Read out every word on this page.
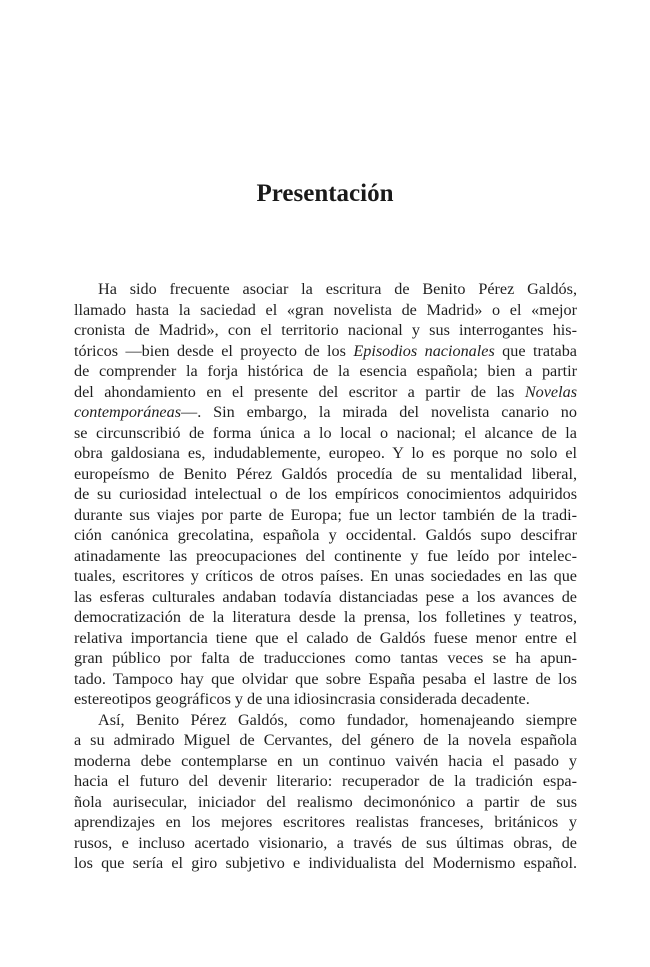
Presentación
Ha sido frecuente asociar la escritura de Benito Pérez Galdós,
llamado hasta la saciedad el «gran novelista de Madrid» o el «mejor
cronista de Madrid», con el territorio nacional y sus interrogantes his-
tóricos —bien desde el proyecto de los Episodios nacionales que trataba
de comprender la forja histórica de la esencia española; bien a partir
del ahondamiento en el presente del escritor a partir de las Novelas
contemporáneas—. Sin embargo, la mirada del novelista canario no
se circunscribió de forma única a lo local o nacional; el alcance de la
obra galdosiana es, indudablemente, europeo. Y lo es porque no solo el
europeísmo de Benito Pérez Galdós procedía de su mentalidad liberal,
de su curiosidad intelectual o de los empíricos conocimientos adquiridos
durante sus viajes por parte de Europa; fue un lector también de la tradi-
ción canónica grecolatina, española y occidental. Galdós supo descifrar
atinadamente las preocupaciones del continente y fue leído por intelec-
tuales, escritores y críticos de otros países. En unas sociedades en las que
las esferas culturales andaban todavía distanciadas pese a los avances de
democratización de la literatura desde la prensa, los folletines y teatros,
relativa importancia tiene que el calado de Galdós fuese menor entre el
gran público por falta de traducciones como tantas veces se ha apun-
tado. Tampoco hay que olvidar que sobre España pesaba el lastre de los
estereotipos geográficos y de una idiosincrasia considerada decadente.
Así, Benito Pérez Galdós, como fundador, homenajeando siempre
a su admirado Miguel de Cervantes, del género de la novela española
moderna debe contemplarse en un continuo vaivén hacia el pasado y
hacia el futuro del devenir literario: recuperador de la tradición espa-
ñola aurisecular, iniciador del realismo decimonónico a partir de sus
aprendizajes en los mejores escritores realistas franceses, británicos y
rusos, e incluso acertado visionario, a través de sus últimas obras, de
los que sería el giro subjetivo e individualista del Modernismo español.
